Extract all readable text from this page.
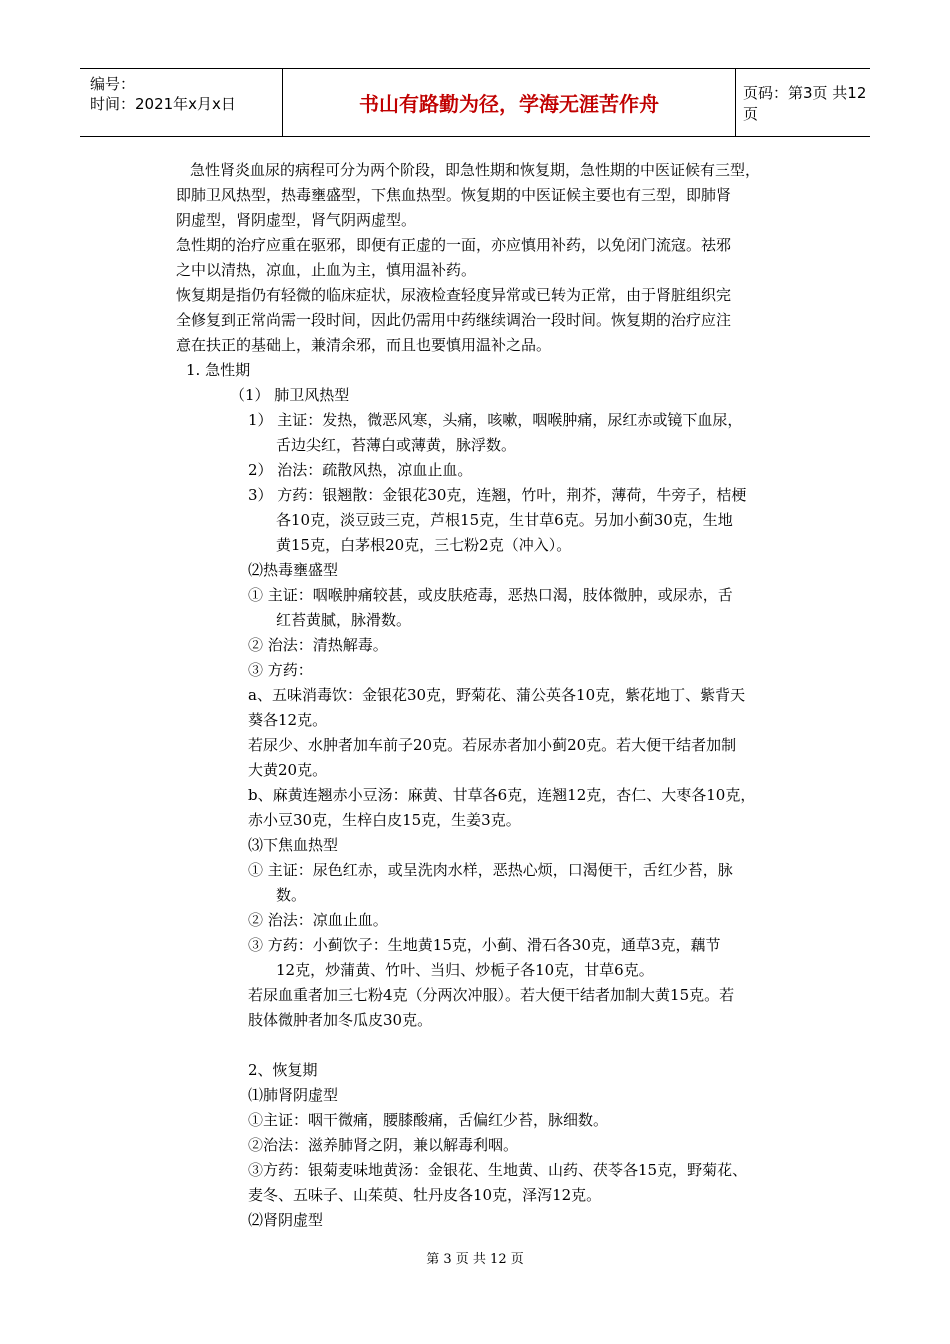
编号：
时间：2021年x月x日	书山有路勤为径，学海无涯苦作舟	页码：第3页 共12页
急性肾炎血尿的病程可分为两个阶段，即急性期和恢复期，急性期的中医证候有三型，
即肺卫风热型，热毒壅盛型，下焦血热型。恢复期的中医证候主要也有三型，即肺肾
阴虚型，肾阴虚型，肾气阴两虚型。
急性期的治疗应重在驱邪，即便有正虚的一面，亦应慎用补药，以免闭门流寇。祛邪
之中以清热，凉血，止血为主，慎用温补药。
恢复期是指仍有轻微的临床症状，尿液检查轻度异常或已转为正常，由于肾脏组织完
全修复到正常尚需一段时间，因此仍需用中药继续调治一段时间。恢复期的治疗应注
意在扶正的基础上，兼清余邪，而且也要慎用温补之品。
1. 急性期
（1） 肺卫风热型
1） 主证：发热，微恶风寒，头痛，咳嗽，咽喉肿痛，尿红赤或镜下血尿，
舌边尖红，苔薄白或薄黄，脉浮数。
2） 治法：疏散风热，凉血止血。
3） 方药：银翘散：金银花30克，连翘，竹叶，荆芥，薄荷，牛旁子，桔梗
各10克，淡豆豉三克，芦根15克，生甘草6克。另加小蓟30克，生地
黄15克，白茅根20克，三七粉2克（冲入）。
⑵热毒壅盛型
① 主证：咽喉肿痛较甚，或皮肤疮毒，恶热口渴，肢体微肿，或尿赤，舌
红苔黄腻，脉滑数。
② 治法：清热解毒。
③ 方药：
a、五味消毒饮：金银花30克，野菊花、蒲公英各10克，紫花地丁、紫背天
葵各12克。
若尿少、水肿者加车前子20克。若尿赤者加小蓟20克。若大便干结者加制
大黄20克。
b、麻黄连翘赤小豆汤：麻黄、甘草各6克，连翘12克，杏仁、大枣各10克，
赤小豆30克，生梓白皮15克，生姜3克。
⑶下焦血热型
① 主证：尿色红赤，或呈洗肉水样，恶热心烦，口渴便干，舌红少苔，脉
数。
② 治法：凉血止血。
③ 方药：小蓟饮子：生地黄15克，小蓟、滑石各30克，通草3克，藕节
12克，炒蒲黄、竹叶、当归、炒栀子各10克，甘草6克。
若尿血重者加三七粉4克（分两次冲服）。若大便干结者加制大黄15克。若
肢体微肿者加冬瓜皮30克。
2、恢复期
⑴肺肾阴虚型
①主证：咽干微痛，腰膝酸痛，舌偏红少苔，脉细数。
②治法：滋养肺肾之阴，兼以解毒利咽。
③方药：银菊麦味地黄汤：金银花、生地黄、山药、茯苓各15克，野菊花、
麦冬、五味子、山茱萸、牡丹皮各10克，泽泻12克。
⑵肾阴虚型
第 3 页 共 12 页
